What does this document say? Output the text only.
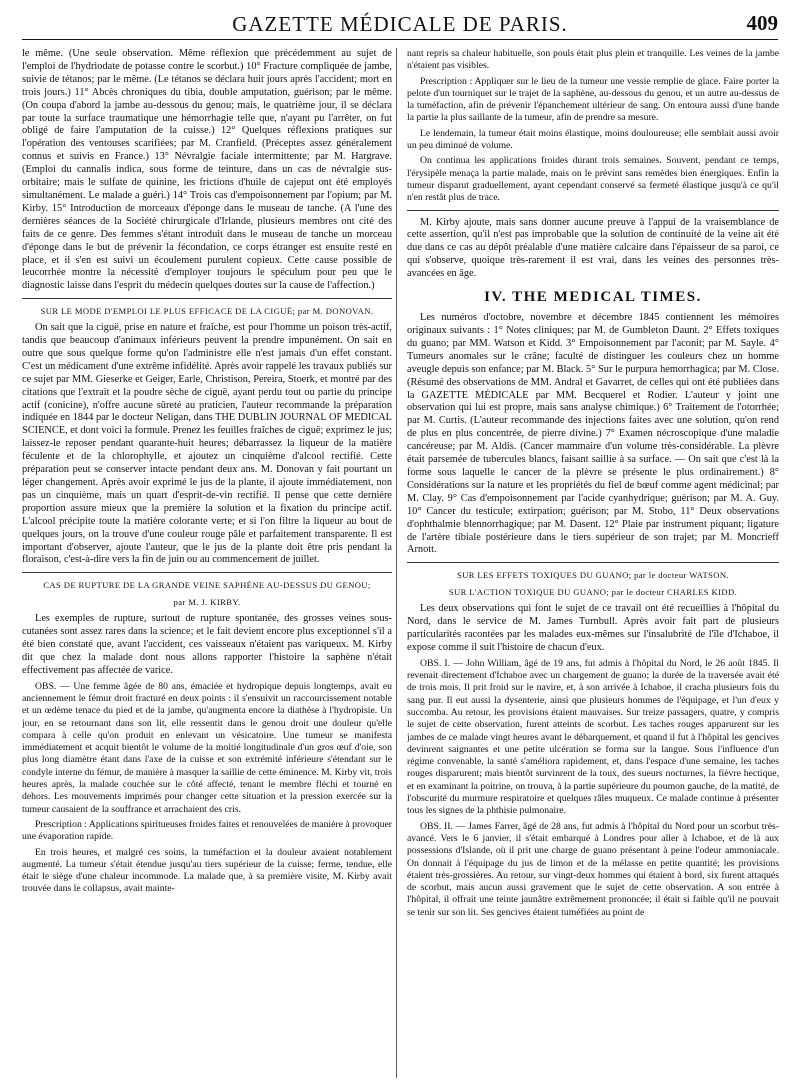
GAZETTE MÉDICALE DE PARIS.	409

le même. (Une seule observation. Même réflexion que précédemment au sujet de l'emploi de l'hydriodate de potasse contre le scorbut.) 10° Fracture compliquée de jambe, suivie de tétanos; par le même. (Le tétanos se déclara huit jours après l'accident; mort en trois jours.) 11° Abcès chroniques du tibia, double amputation, guérison; par le même. (On coupa d'abord la jambe au-dessous du genou; mais, le quatrième jour, il se déclara par toute la surface traumatique une hémorrhagie telle que, n'ayant pu l'arrêter, on fut obligé de faire l'amputation de la cuisse.) 12° Quelques réflexions pratiques sur l'opération des ventouses scarifiées; par M. Cranfield. (Préceptes assez généralement connus et suivis en France.) 13° Névralgie faciale intermittente; par M. Hargrave. (Emploi du cannalis indica, sous forme de teinture, dans un cas de névralgie sus-orbitaire; mais le sulfate de quinine, les frictions d'huile de cajeput ont été employés simultanément. Le malade a guéri.) 14° Trois cas d'empoisonnement par l'opium; par M. Kirby. 15° Introduction de morceaux d'éponge dans le museau de tanche. (A l'une des dernières séances de la Société chirurgicale d'Irlande, plusieurs membres ont cité des faits de ce genre. Des femmes s'étant introduit dans le museau de tanche un morceau d'éponge dans le but de prévenir la fécondation, ce corps étranger est ensuite resté en place, et il s'en est suivi un écoulement purulent copieux. Cette cause possible de leucorrhée montre la nécessité d'employer toujours le spéculum pour peu que le diagnostic laisse dans l'esprit du médecin quelques doutes sur la cause de l'affection.)

SUR LE MODE D'EMPLOI LE PLUS EFFICACE DE LA CIGUË; par M. DONOVAN.

On sait que la ciguë, prise en nature et fraîche, est pour l'homme un poison très-actif, tandis que beaucoup d'animaux inférieurs peuvent la prendre impunément. On sait en outre que sous quelque forme qu'on l'administre elle n'est jamais d'un effet constant. C'est un médicament d'une extrême infidélité. Après avoir rappelé les travaux publiés sur ce sujet par MM. Gieserke et Geiger, Earle, Christison, Pereira, Stoerk, et montré par des citations que l'extrait et la poudre sèche de ciguë, ayant perdu tout ou partie du principe actif (conicine), n'offre aucune sûreté au praticien, l'auteur recommande la préparation indiquée en 1844 par le docteur Neligan, dans THE DUBLIN JOURNAL OF MEDICAL SCIENCE, et dont voici la formule. Prenez les feuilles fraîches de ciguë; exprimez le jus; laissez-le reposer pendant quarante-huit heures; débarrassez la liqueur de la matière féculente et de la chlorophylle, et ajoutez un cinquième d'alcool rectifié. Cette préparation peut se conserver intacte pendant deux ans. M. Donovan y fait pourtant un léger changement. Après avoir exprimé le jus de la plante, il ajoute immédiatement, non pas un cinquième, mais un quart d'esprit-de-vin rectifié. Il pense que cette dernière proportion assure mieux que la première la solution et la fixation du principe actif. L'alcool précipite toute la matière colorante verte; et si l'on filtre la liqueur au bout de quelques jours, on la trouve d'une couleur rouge pâle et parfaitement transparente. Il est important d'observer, ajoute l'auteur, que le jus de la plante doit être pris pendant la floraison, c'est-à-dire vers la fin de juin ou au commencement de juillet.

CAS DE RUPTURE DE LA GRANDE VEINE SAPHÈNE AU-DESSUS DU GENOU;

par M. J. KIRBY.

Les exemples de rupture, surtout de rupture spontanée, des grosses veines sous-cutanées sont assez rares dans la science; et le fait devient encore plus exceptionnel s'il a été bien constaté que, avant l'accident, ces vaisseaux n'étaient pas variqueux. M. Kirby dit que chez la malade dont nous allons rapporter l'histoire la saphène n'était effectivement pas affectée de varice.

OBS. — Une femme âgée de 80 ans, émaciée et hydropique depuis longtemps, avait eu anciennement le fémur droit fracturé en deux points : il s'ensuivit un raccourcissement notable et un œdème tenace du pied et de la jambe, qu'augmenta encore la diathèse à l'hydropisie. Un jour, en se retournant dans son lit, elle ressentit dans le genou droit une douleur qu'elle compara à celle qu'on produit en enlevant un vésicatoire. Une tumeur se manifesta immédiatement et acquit bientôt le volume de la moitié longitudinale d'un gros œuf d'oie, son plus long diamètre étant dans l'axe de la cuisse et son extrémité inférieure s'étendant sur le condyle interne du fémur, de manière à masquer la saillie de cette éminence. M. Kirby vit, trois heures après, la malade couchée sur le côté affecté, tenant le membre fléchi et tourné en dehors. Les mouvements imprimés pour changer cette situation et la pression exercée sur la tumeur causaient de la souffrance et arrachaient des cris.

Prescription : Applications spiritueuses froides faites et renouvelées de manière à provoquer une évaporation rapide.

En trois heures, et malgré ces soins, la tuméfaction et la douleur avaient notablement augmenté. La tumeur s'était étendue jusqu'au tiers supérieur de la cuisse; ferme, tendue, elle était le siège d'une chaleur incommode. La malade que, à sa première visite, M. Kirby avait trouvée dans le collapsus, avait mainte-

nant repris sa chaleur habituelle, son pouls était plus plein et tranquille. Les veines de la jambe n'étaient pas visibles.

Prescription : Appliquer sur le lieu de la tumeur une vessie remplie de glace. Faire porter la pelote d'un tourniquet sur le trajet de la saphène, au-dessous du genou, et un autre au-dessus de la tuméfaction, afin de prévenir l'épanchement ultérieur de sang. On entoura aussi d'une bande la partie la plus saillante de la tumeur, afin de prendre sa mesure.

Le lendemain, la tumeur était moins élastique, moins douloureuse; elle semblait aussi avoir un peu diminué de volume.

On continua les applications froides durant trois semaines. Souvent, pendant ce temps, l'érysipèle menaça la partie malade, mais on le prévint sans remèdes bien énergiques. Enfin la tumeur disparut graduellement, ayant cependant conservé sa fermeté élastique jusqu'à ce qu'il n'en restât plus de trace.

M. Kirby ajoute, mais sans donner aucune preuve à l'appui de la vraisemblance de cette assertion, qu'il n'est pas improbable que la solution de continuité de la veine ait été due dans ce cas au dépôt préalable d'une matière calcaire dans l'épaisseur de sa paroi, ce qui s'observe, quoique très-rarement il est vrai, dans les veines des personnes très-avancées en âge.

IV. THE MEDICAL TIMES.

Les numéros d'octobre, novembre et décembre 1845 contiennent les mémoires originaux suivants : 1° Notes cliniques; par M. de Gumbleton Daunt. 2° Effets toxiques du guano; par MM. Watson et Kidd. 3° Empoisonnement par l'aconit; par M. Sayle. 4° Tumeurs anomales sur le crâne; faculté de distinguer les couleurs chez un homme aveugle depuis son enfance; par M. Black. 5° Sur le purpura hemorrhagica; par M. Close. (Résumé des observations de MM. Andral et Gavarret, de celles qui ont été publiées dans la GAZETTE MÉDICALE par MM. Becquerel et Rodier. L'auteur y joint une observation qui lui est propre, mais sans analyse chimique.) 6° Traitement de l'otorrhée; par M. Curtis. (L'auteur recommande des injections faites avec une solution, qu'on rend de plus en plus concentrée, de pierre divine.) 7° Examen nécroscopique d'une maladie cancéreuse; par M. Aldis. (Cancer mammaire d'un volume très-considérable. La plèvre était parsemée de tubercules blancs, faisant saillie à sa surface. — On sait que c'est là la forme sous laquelle le cancer de la plèvre se présente le plus ordinairement.) 8° Considérations sur la nature et les propriétés du fiel de bœuf comme agent médicinal; par M. Clay. 9° Cas d'empoisonnement par l'acide cyanhydrique; guérison; par M. A. Guy. 10° Cancer du testicule; extirpation; guérison; par M. Stobo, 11° Deux observations d'ophthalmie blennorrhagique; par M. Dasent. 12° Plaie par instrument piquant; ligature de l'artère tibiale postérieure dans le tiers supérieur de son trajet; par M. Moncrieff Arnott.

SUR LES EFFETS TOXIQUES DU GUANO; par le docteur WATSON.

SUR L'ACTION TOXIQUE DU GUANO; par le docteur CHARLES KIDD.

Les deux observations qui font le sujet de ce travail ont été recueillies à l'hôpital du Nord, dans le service de M. James Turnbull. Après avoir fait part de plusieurs particularités racontées par les malades eux-mêmes sur l'insalubrité de l'île d'Ichaboe, il expose comme il suit l'histoire de chacun d'eux.

OBS. I. — John William, âgé de 19 ans, fut admis à l'hôpital du Nord, le 26 août 1845. Il revenait directement d'Ichaboe avec un chargement de guano; la durée de la traversée avait été de trois mois. Il prit froid sur le navire, et, à son arrivée à Ichaboe, il cracha plusieurs fois du sang pur. Il eut aussi la dysenterie, ainsi que plusieurs hommes de l'équipage, et l'un d'eux y succomba. Au retour, les provisions étaient mauvaises. Sur treize passagers, quatre, y compris le sujet de cette observation, furent atteints de scorbut. Les taches rouges apparurent sur les jambes de ce malade vingt heures avant le débarquement, et quand il fut à l'hôpital les gencives devinrent saignantes et une petite ulcération se forma sur la langue. Sous l'influence d'un régime convenable, la santé s'améliora rapidement, et, dans l'espace d'une semaine, les taches rouges disparurent; mais bientôt survinrent de la toux, des sueurs nocturnes, la fièvre hectique, et en examinant la poitrine, on trouva, à la partie supérieure du poumon gauche, de la matité, de l'obscurité du murmure respiratoire et quelques râles muqueux. Ce malade continue à présenter tous les signes de la phthisie pulmonaire.

OBS. II. — James Farrer, âgé de 28 ans, fut admis à l'hôpital du Nord pour un scorbut très-avancé. Vers le 6 janvier, il s'était embarqué à Londres pour aller à Ichaboe, et de là aux possessions d'Islande, où il prit une charge de guano présentant à peine l'odeur ammoniacale. On donnait à l'équipage du jus de limon et de la mélasse en petite quantité; les provisions étaient très-grossières. Au retour, sur vingt-deux hommes qui étaient à bord, six furent attaqués de scorbut, mais aucun aussi gravement que le sujet de cette observation. A son entrée à l'hôpital, il offrait une teinte jaunâtre extrêmement prononcée; il était si faible qu'il ne pouvait se tenir sur son lit. Ses gencives étaient tuméfiées au point de
